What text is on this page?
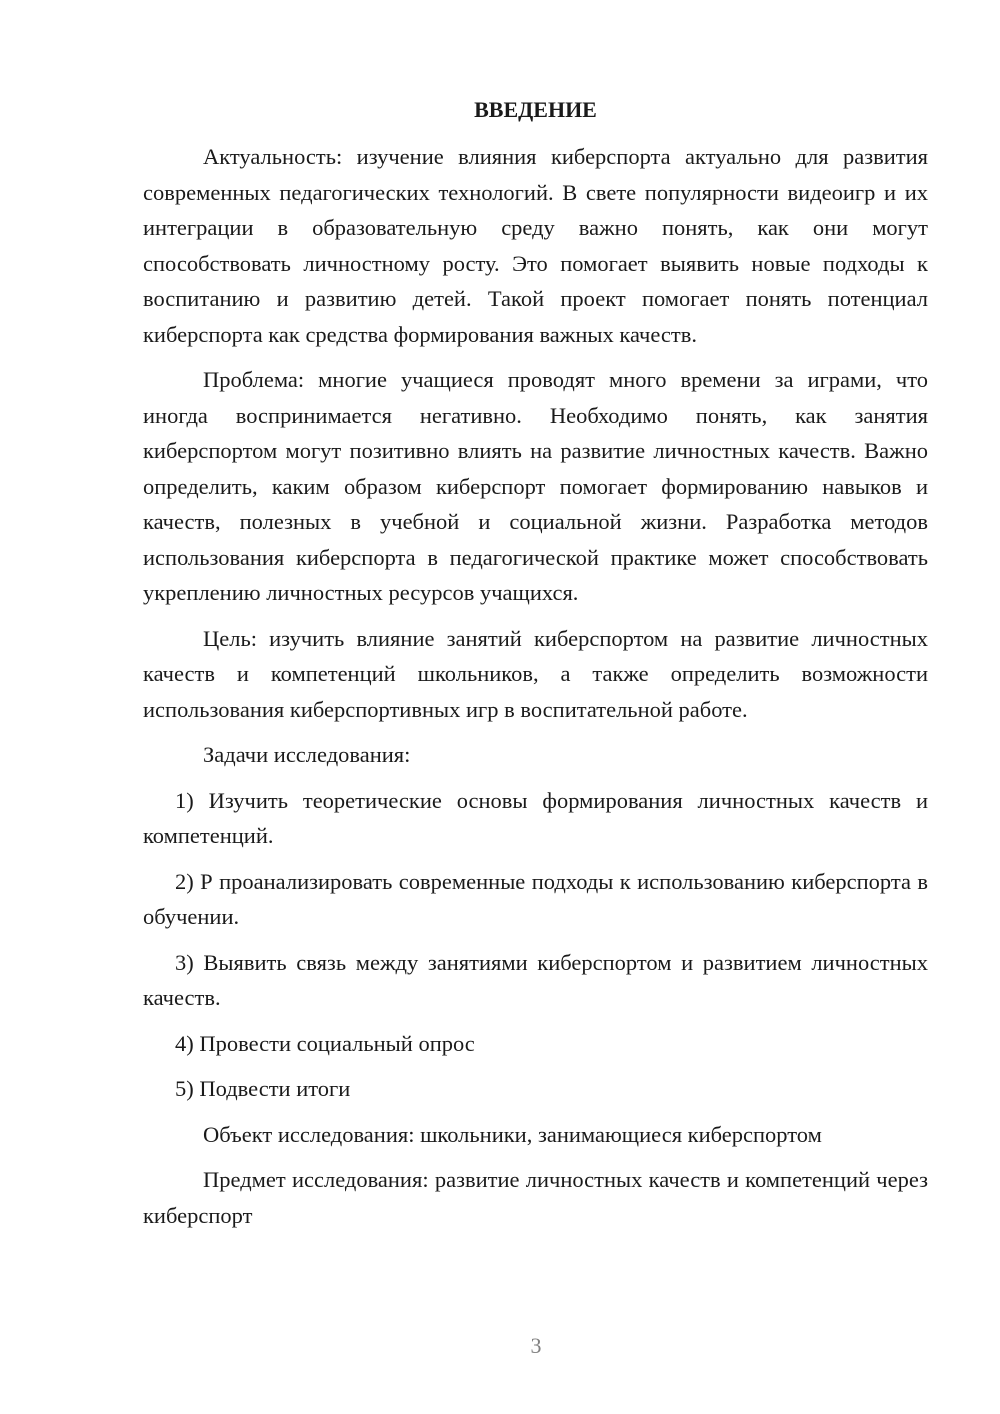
ВВЕДЕНИЕ

Актуальность: изучение влияния киберспорта актуально для развития современных педагогических технологий. В свете популярности видеоигр и их интеграции в образовательную среду важно понять, как они могут способствовать личностному росту. Это помогает выявить новые подходы к воспитанию и развитию детей. Такой проект помогает понять потенциал киберспорта как средства формирования важных качеств.

Проблема: многие учащиеся проводят много времени за играми, что иногда воспринимается негативно. Необходимо понять, как занятия киберспортом могут позитивно влиять на развитие личностных качеств. Важно определить, каким образом киберспорт помогает формированию навыков и качеств, полезных в учебной и социальной жизни. Разработка методов использования киберспорта в педагогической практике может способствовать укреплению личностных ресурсов учащихся.

Цель: изучить влияние занятий киберспортом на развитие личностных качеств и компетенций школьников, а также определить возможности использования киберспортивных игр в воспитательной работе.

Задачи исследования:

1) Изучить теоретические основы формирования личностных качеств и компетенций.

2) Р проанализировать современные подходы к использованию киберспорта в обучении.

3) Выявить связь между занятиями киберспортом и развитием личностных качеств.

4) Провести социальный опрос

5) Подвести итоги

Объект исследования: школьники, занимающиеся киберспортом

Предмет исследования: развитие личностных качеств и компетенций через киберспорт

3
